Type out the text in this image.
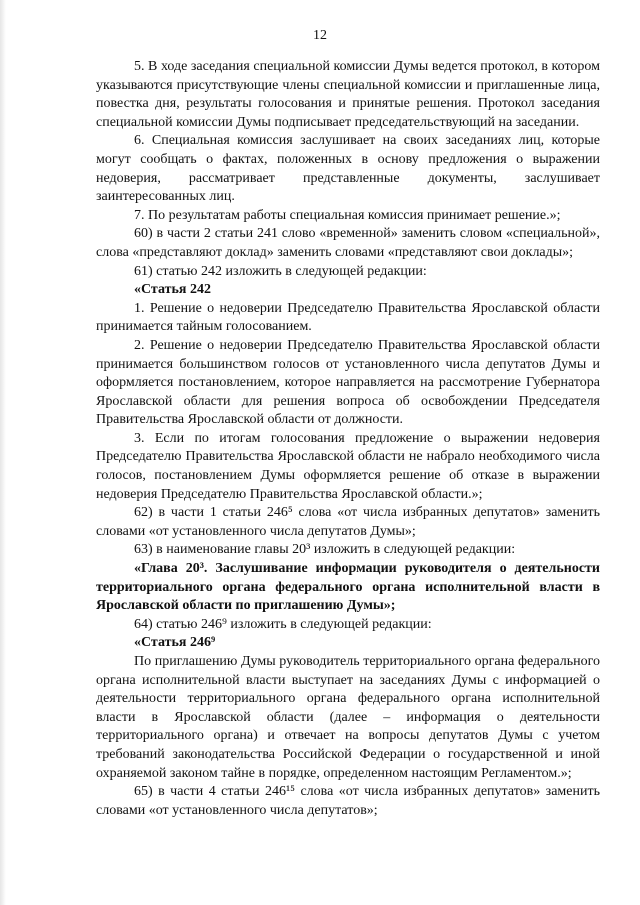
12

5. В ходе заседания специальной комиссии Думы ведется протокол, в котором указываются присутствующие члены специальной комиссии и приглашенные лица, повестка дня, результаты голосования и принятые решения. Протокол заседания специальной комиссии Думы подписывает председательствующий на заседании.

6. Специальная комиссия заслушивает на своих заседаниях лиц, которые могут сообщать о фактах, положенных в основу предложения о выражении недоверия, рассматривает представленные документы, заслушивает заинтересованных лиц.

7. По результатам работы специальная комиссия принимает решение.»;

60) в части 2 статьи 241 слово «временной» заменить словом «специальной», слова «представляют доклад» заменить словами «представляют свои доклады»;

61) статью 242 изложить в следующей редакции:

«Статья 242

1. Решение о недоверии Председателю Правительства Ярославской области принимается тайным голосованием.

2. Решение о недоверии Председателю Правительства Ярославской области принимается большинством голосов от установленного числа депутатов Думы и оформляется постановлением, которое направляется на рассмотрение Губернатора Ярославской области для решения вопроса об освобождении Председателя Правительства Ярославской области от должности.

3. Если по итогам голосования предложение о выражении недоверия Председателю Правительства Ярославской области не набрало необходимого числа голосов, постановлением Думы оформляется решение об отказе в выражении недоверия Председателю Правительства Ярославской области.»;

62) в части 1 статьи 246⁵ слова «от числа избранных депутатов» заменить словами «от установленного числа депутатов Думы»;

63) в наименование главы 20³ изложить в следующей редакции:

«Глава 20³. Заслушивание информации руководителя о деятельности территориального органа федерального органа исполнительной власти в Ярославской области по приглашению Думы»;

64) статью 246⁹ изложить в следующей редакции:

«Статья 246⁹

По приглашению Думы руководитель территориального органа федерального органа исполнительной власти выступает на заседаниях Думы с информацией о деятельности территориального органа федерального органа исполнительной власти в Ярославской области (далее – информация о деятельности территориального органа) и отвечает на вопросы депутатов Думы с учетом требований законодательства Российской Федерации о государственной и иной охраняемой законом тайне в порядке, определенном настоящим Регламентом.»;

65) в части 4 статьи 246¹⁵ слова «от числа избранных депутатов» заменить словами «от установленного числа депутатов»;
